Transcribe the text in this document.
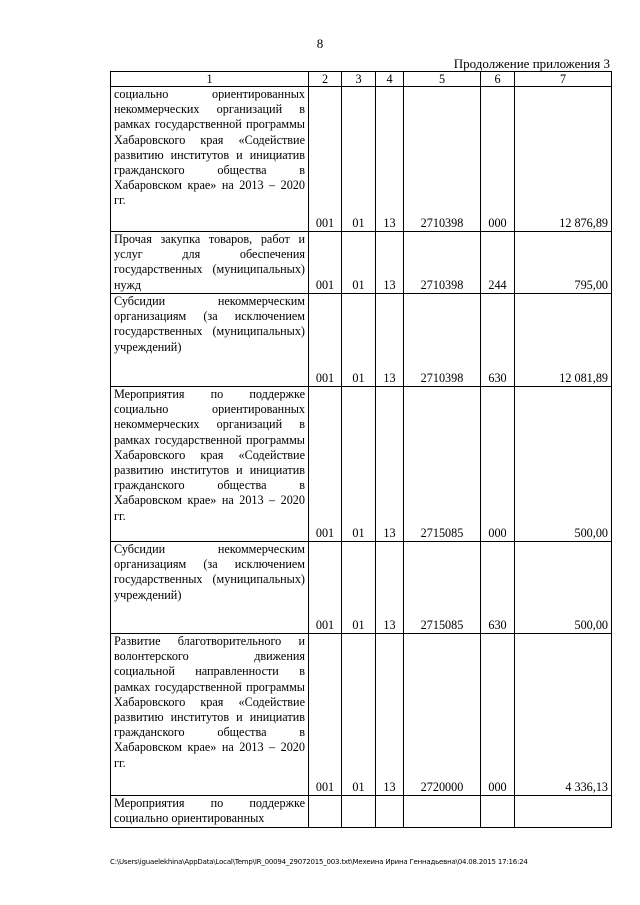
8
Продолжение приложения 3
1	2	3	4	5	6	7
социально ориентированных некоммерческих организаций в рамках государственной программы Хабаровского края «Содействие развитию институтов и инициатив гражданского общества в Хабаровском крае» на 2013 – 2020 гг.	001	01	13	2710398	000	12 876,89
Прочая закупка товаров, работ и услуг для обеспечения государственных (муниципальных) нужд	001	01	13	2710398	244	795,00
Субсидии некоммерческим организациям (за исключением государственных (муниципальных) учреждений)	001	01	13	2710398	630	12 081,89
Мероприятия по поддержке социально ориентированных некоммерческих организаций в рамках государственной программы Хабаровского края «Содействие развитию институтов и инициатив гражданского общества в Хабаровском крае» на 2013 – 2020 гг.	001	01	13	2715085	000	500,00
Субсидии некоммерческим организациям (за исключением государственных (муниципальных) учреждений)	001	01	13	2715085	630	500,00
Развитие благотворительного и волонтерского движения социальной направленности в рамках государственной программы Хабаровского края «Содействие развитию институтов и инициатив гражданского общества в Хабаровском крае» на 2013 – 2020 гг.	001	01	13	2720000	000	4 336,13
Мероприятия по поддержке социально ориентированных						
C:\Users\iguaelekhina\AppData\Local\Temp\IR_00094_29072015_003.txt\Мехеина Ирина Геннадьевна\04.08.2015 17:16:24
